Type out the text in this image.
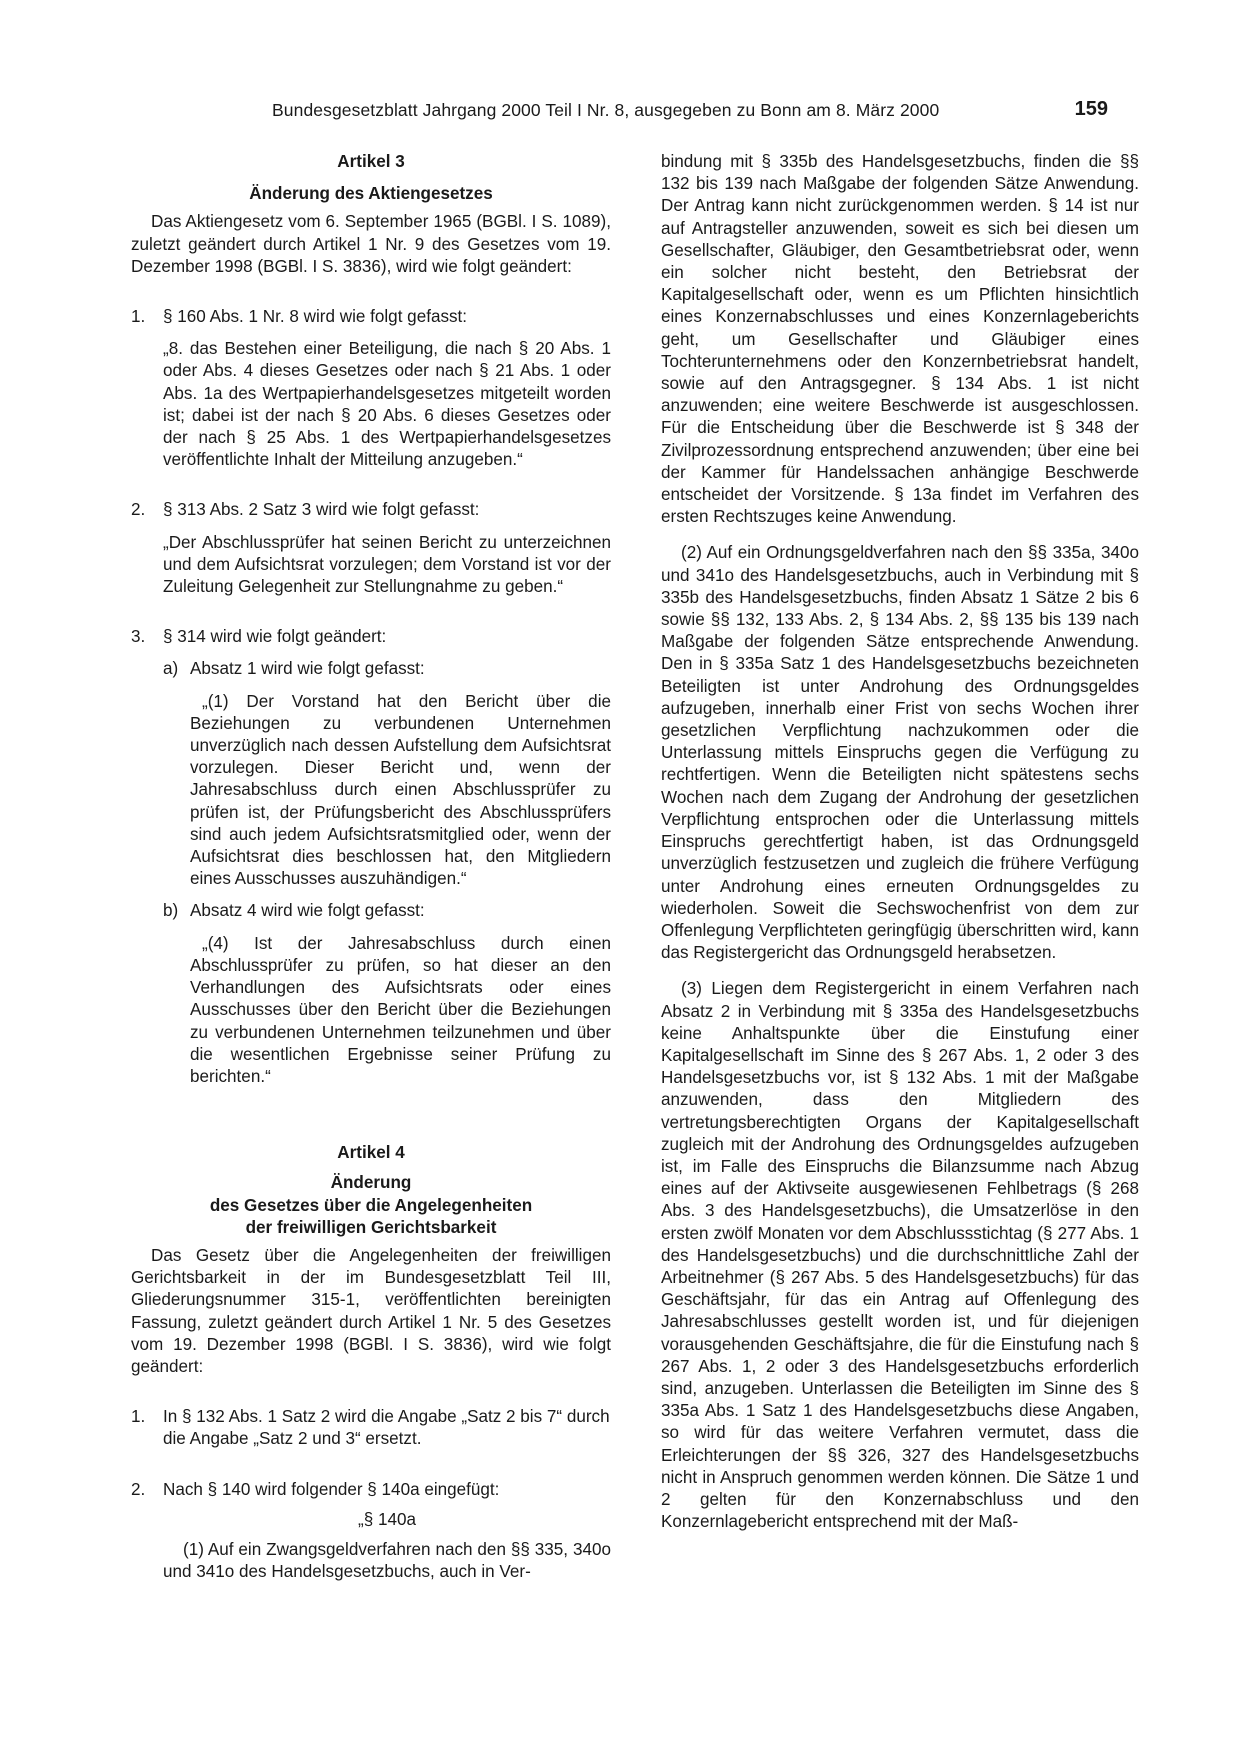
Bundesgesetzblatt Jahrgang 2000 Teil I Nr. 8, ausgegeben zu Bonn am 8. März 2000	159

Artikel 3

Änderung des Aktiengesetzes

Das Aktiengesetz vom 6. September 1965 (BGBl. I S. 1089), zuletzt geändert durch Artikel 1 Nr. 9 des Gesetzes vom 19. Dezember 1998 (BGBl. I S. 3836), wird wie folgt geändert:

1. § 160 Abs. 1 Nr. 8 wird wie folgt gefasst:

„8. das Bestehen einer Beteiligung, die nach § 20 Abs. 1 oder Abs. 4 dieses Gesetzes oder nach § 21 Abs. 1 oder Abs. 1a des Wertpapierhandelsgesetzes mitgeteilt worden ist; dabei ist der nach § 20 Abs. 6 dieses Gesetzes oder der nach § 25 Abs. 1 des Wertpapierhandelsgesetzes veröffentlichte Inhalt der Mitteilung anzugeben.“

2. § 313 Abs. 2 Satz 3 wird wie folgt gefasst:

„Der Abschlussprüfer hat seinen Bericht zu unterzeichnen und dem Aufsichtsrat vorzulegen; dem Vorstand ist vor der Zuleitung Gelegenheit zur Stellungnahme zu geben.“

3. § 314 wird wie folgt geändert:

a) Absatz 1 wird wie folgt gefasst:

„(1) Der Vorstand hat den Bericht über die Beziehungen zu verbundenen Unternehmen unverzüglich nach dessen Aufstellung dem Aufsichtsrat vorzulegen. Dieser Bericht und, wenn der Jahresabschluss durch einen Abschlussprüfer zu prüfen ist, der Prüfungsbericht des Abschlussprüfers sind auch jedem Aufsichtsratsmitglied oder, wenn der Aufsichtsrat dies beschlossen hat, den Mitgliedern eines Ausschusses auszuhändigen.“

b) Absatz 4 wird wie folgt gefasst:

„(4) Ist der Jahresabschluss durch einen Abschlussprüfer zu prüfen, so hat dieser an den Verhandlungen des Aufsichtsrats oder eines Ausschusses über den Bericht über die Beziehungen zu verbundenen Unternehmen teilzunehmen und über die wesentlichen Ergebnisse seiner Prüfung zu berichten.“

Artikel 4

Änderung

des Gesetzes über die Angelegenheiten

der freiwilligen Gerichtsbarkeit

Das Gesetz über die Angelegenheiten der freiwilligen Gerichtsbarkeit in der im Bundesgesetzblatt Teil III, Gliederungsnummer 315-1, veröffentlichten bereinigten Fassung, zuletzt geändert durch Artikel 1 Nr. 5 des Gesetzes vom 19. Dezember 1998 (BGBl. I S. 3836), wird wie folgt geändert:

1. In § 132 Abs. 1 Satz 2 wird die Angabe „Satz 2 bis 7“ durch die Angabe „Satz 2 und 3“ ersetzt.

2. Nach § 140 wird folgender § 140a eingefügt:

„§ 140a

(1) Auf ein Zwangsgeldverfahren nach den §§ 335, 340o und 341o des Handelsgesetzbuchs, auch in Ver-

bindung mit § 335b des Handelsgesetzbuchs, finden die §§ 132 bis 139 nach Maßgabe der folgenden Sätze Anwendung. Der Antrag kann nicht zurückgenommen werden. § 14 ist nur auf Antragsteller anzuwenden, soweit es sich bei diesen um Gesellschafter, Gläubiger, den Gesamtbetriebsrat oder, wenn ein solcher nicht besteht, den Betriebsrat der Kapitalgesellschaft oder, wenn es um Pflichten hinsichtlich eines Konzernabschlusses und eines Konzernlageberichts geht, um Gesellschafter und Gläubiger eines Tochterunternehmens oder den Konzernbetriebsrat handelt, sowie auf den Antragsgegner. § 134 Abs. 1 ist nicht anzuwenden; eine weitere Beschwerde ist ausgeschlossen. Für die Entscheidung über die Beschwerde ist § 348 der Zivilprozessordnung entsprechend anzuwenden; über eine bei der Kammer für Handelssachen anhängige Beschwerde entscheidet der Vorsitzende. § 13a findet im Verfahren des ersten Rechtszuges keine Anwendung.

(2) Auf ein Ordnungsgeldverfahren nach den §§ 335a, 340o und 341o des Handelsgesetzbuchs, auch in Verbindung mit § 335b des Handelsgesetzbuchs, finden Absatz 1 Sätze 2 bis 6 sowie §§ 132, 133 Abs. 2, § 134 Abs. 2, §§ 135 bis 139 nach Maßgabe der folgenden Sätze entsprechende Anwendung. Den in § 335a Satz 1 des Handelsgesetzbuchs bezeichneten Beteiligten ist unter Androhung des Ordnungsgeldes aufzugeben, innerhalb einer Frist von sechs Wochen ihrer gesetzlichen Verpflichtung nachzukommen oder die Unterlassung mittels Einspruchs gegen die Verfügung zu rechtfertigen. Wenn die Beteiligten nicht spätestens sechs Wochen nach dem Zugang der Androhung der gesetzlichen Verpflichtung entsprochen oder die Unterlassung mittels Einspruchs gerechtfertigt haben, ist das Ordnungsgeld unverzüglich festzusetzen und zugleich die frühere Verfügung unter Androhung eines erneuten Ordnungsgeldes zu wiederholen. Soweit die Sechswochenfrist von dem zur Offenlegung Verpflichteten geringfügig überschritten wird, kann das Registergericht das Ordnungsgeld herabsetzen.

(3) Liegen dem Registergericht in einem Verfahren nach Absatz 2 in Verbindung mit § 335a des Handelsgesetzbuchs keine Anhaltspunkte über die Einstufung einer Kapitalgesellschaft im Sinne des § 267 Abs. 1, 2 oder 3 des Handelsgesetzbuchs vor, ist § 132 Abs. 1 mit der Maßgabe anzuwenden, dass den Mitgliedern des vertretungsberechtigten Organs der Kapitalgesellschaft zugleich mit der Androhung des Ordnungsgeldes aufzugeben ist, im Falle des Einspruchs die Bilanzsumme nach Abzug eines auf der Aktivseite ausgewiesenen Fehlbetrags (§ 268 Abs. 3 des Handelsgesetzbuchs), die Umsatzerlöse in den ersten zwölf Monaten vor dem Abschlussstichtag (§ 277 Abs. 1 des Handelsgesetzbuchs) und die durchschnittliche Zahl der Arbeitnehmer (§ 267 Abs. 5 des Handelsgesetzbuchs) für das Geschäftsjahr, für das ein Antrag auf Offenlegung des Jahresabschlusses gestellt worden ist, und für diejenigen vorausgehenden Geschäftsjahre, die für die Einstufung nach § 267 Abs. 1, 2 oder 3 des Handelsgesetzbuchs erforderlich sind, anzugeben. Unterlassen die Beteiligten im Sinne des § 335a Abs. 1 Satz 1 des Handelsgesetzbuchs diese Angaben, so wird für das weitere Verfahren vermutet, dass die Erleichterungen der §§ 326, 327 des Handelsgesetzbuchs nicht in Anspruch genommen werden können. Die Sätze 1 und 2 gelten für den Konzernabschluss und den Konzernlagebericht entsprechend mit der Maß-
